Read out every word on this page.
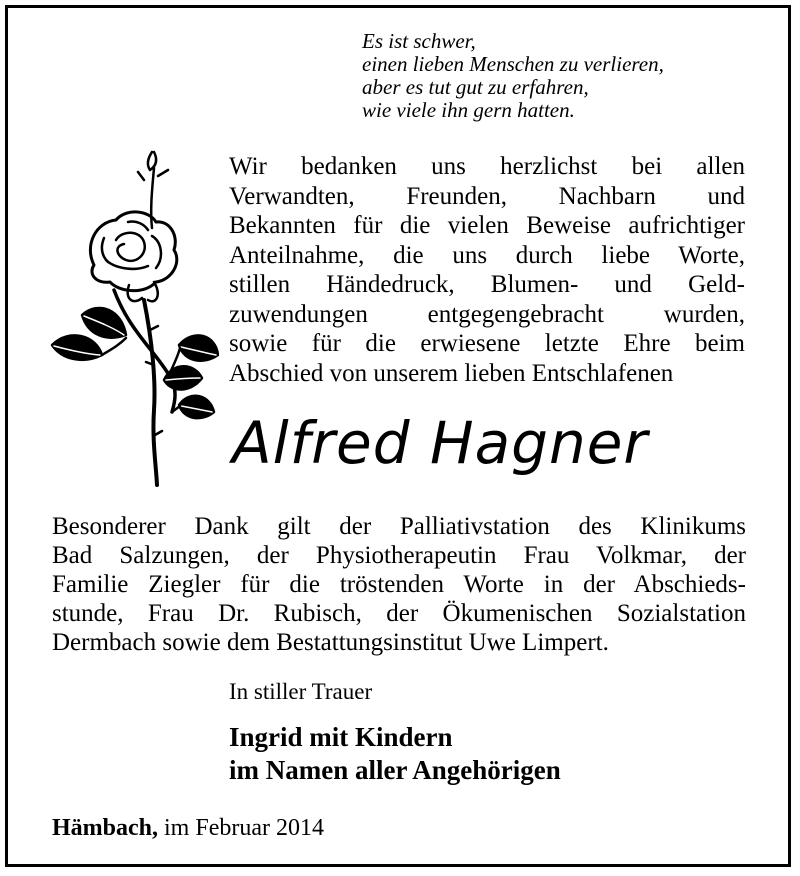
Es ist schwer,
einen lieben Menschen zu verlieren,
aber es tut gut zu erfahren,
wie viele ihn gern hatten.
Wir bedanken uns herzlichst bei allen
Verwandten, Freunden, Nachbarn und
Bekannten für die vielen Beweise aufrichtiger
Anteilnahme, die uns durch liebe Worte,
stillen Händedruck, Blumen- und Geld-
zuwendungen entgegengebracht wurden,
sowie für die erwiesene letzte Ehre beim
Abschied von unserem lieben Entschlafenen
Alfred Hagner
Besonderer Dank gilt der Palliativstation des Klinikums
Bad Salzungen, der Physiotherapeutin Frau Volkmar, der
Familie Ziegler für die tröstenden Worte in der Abschieds-
stunde, Frau Dr. Rubisch, der Ökumenischen Sozialstation
Dermbach sowie dem Bestattungsinstitut Uwe Limpert.
In stiller Trauer
Ingrid mit Kindern
im Namen aller Angehörigen
Hämbach, im Februar 2014
